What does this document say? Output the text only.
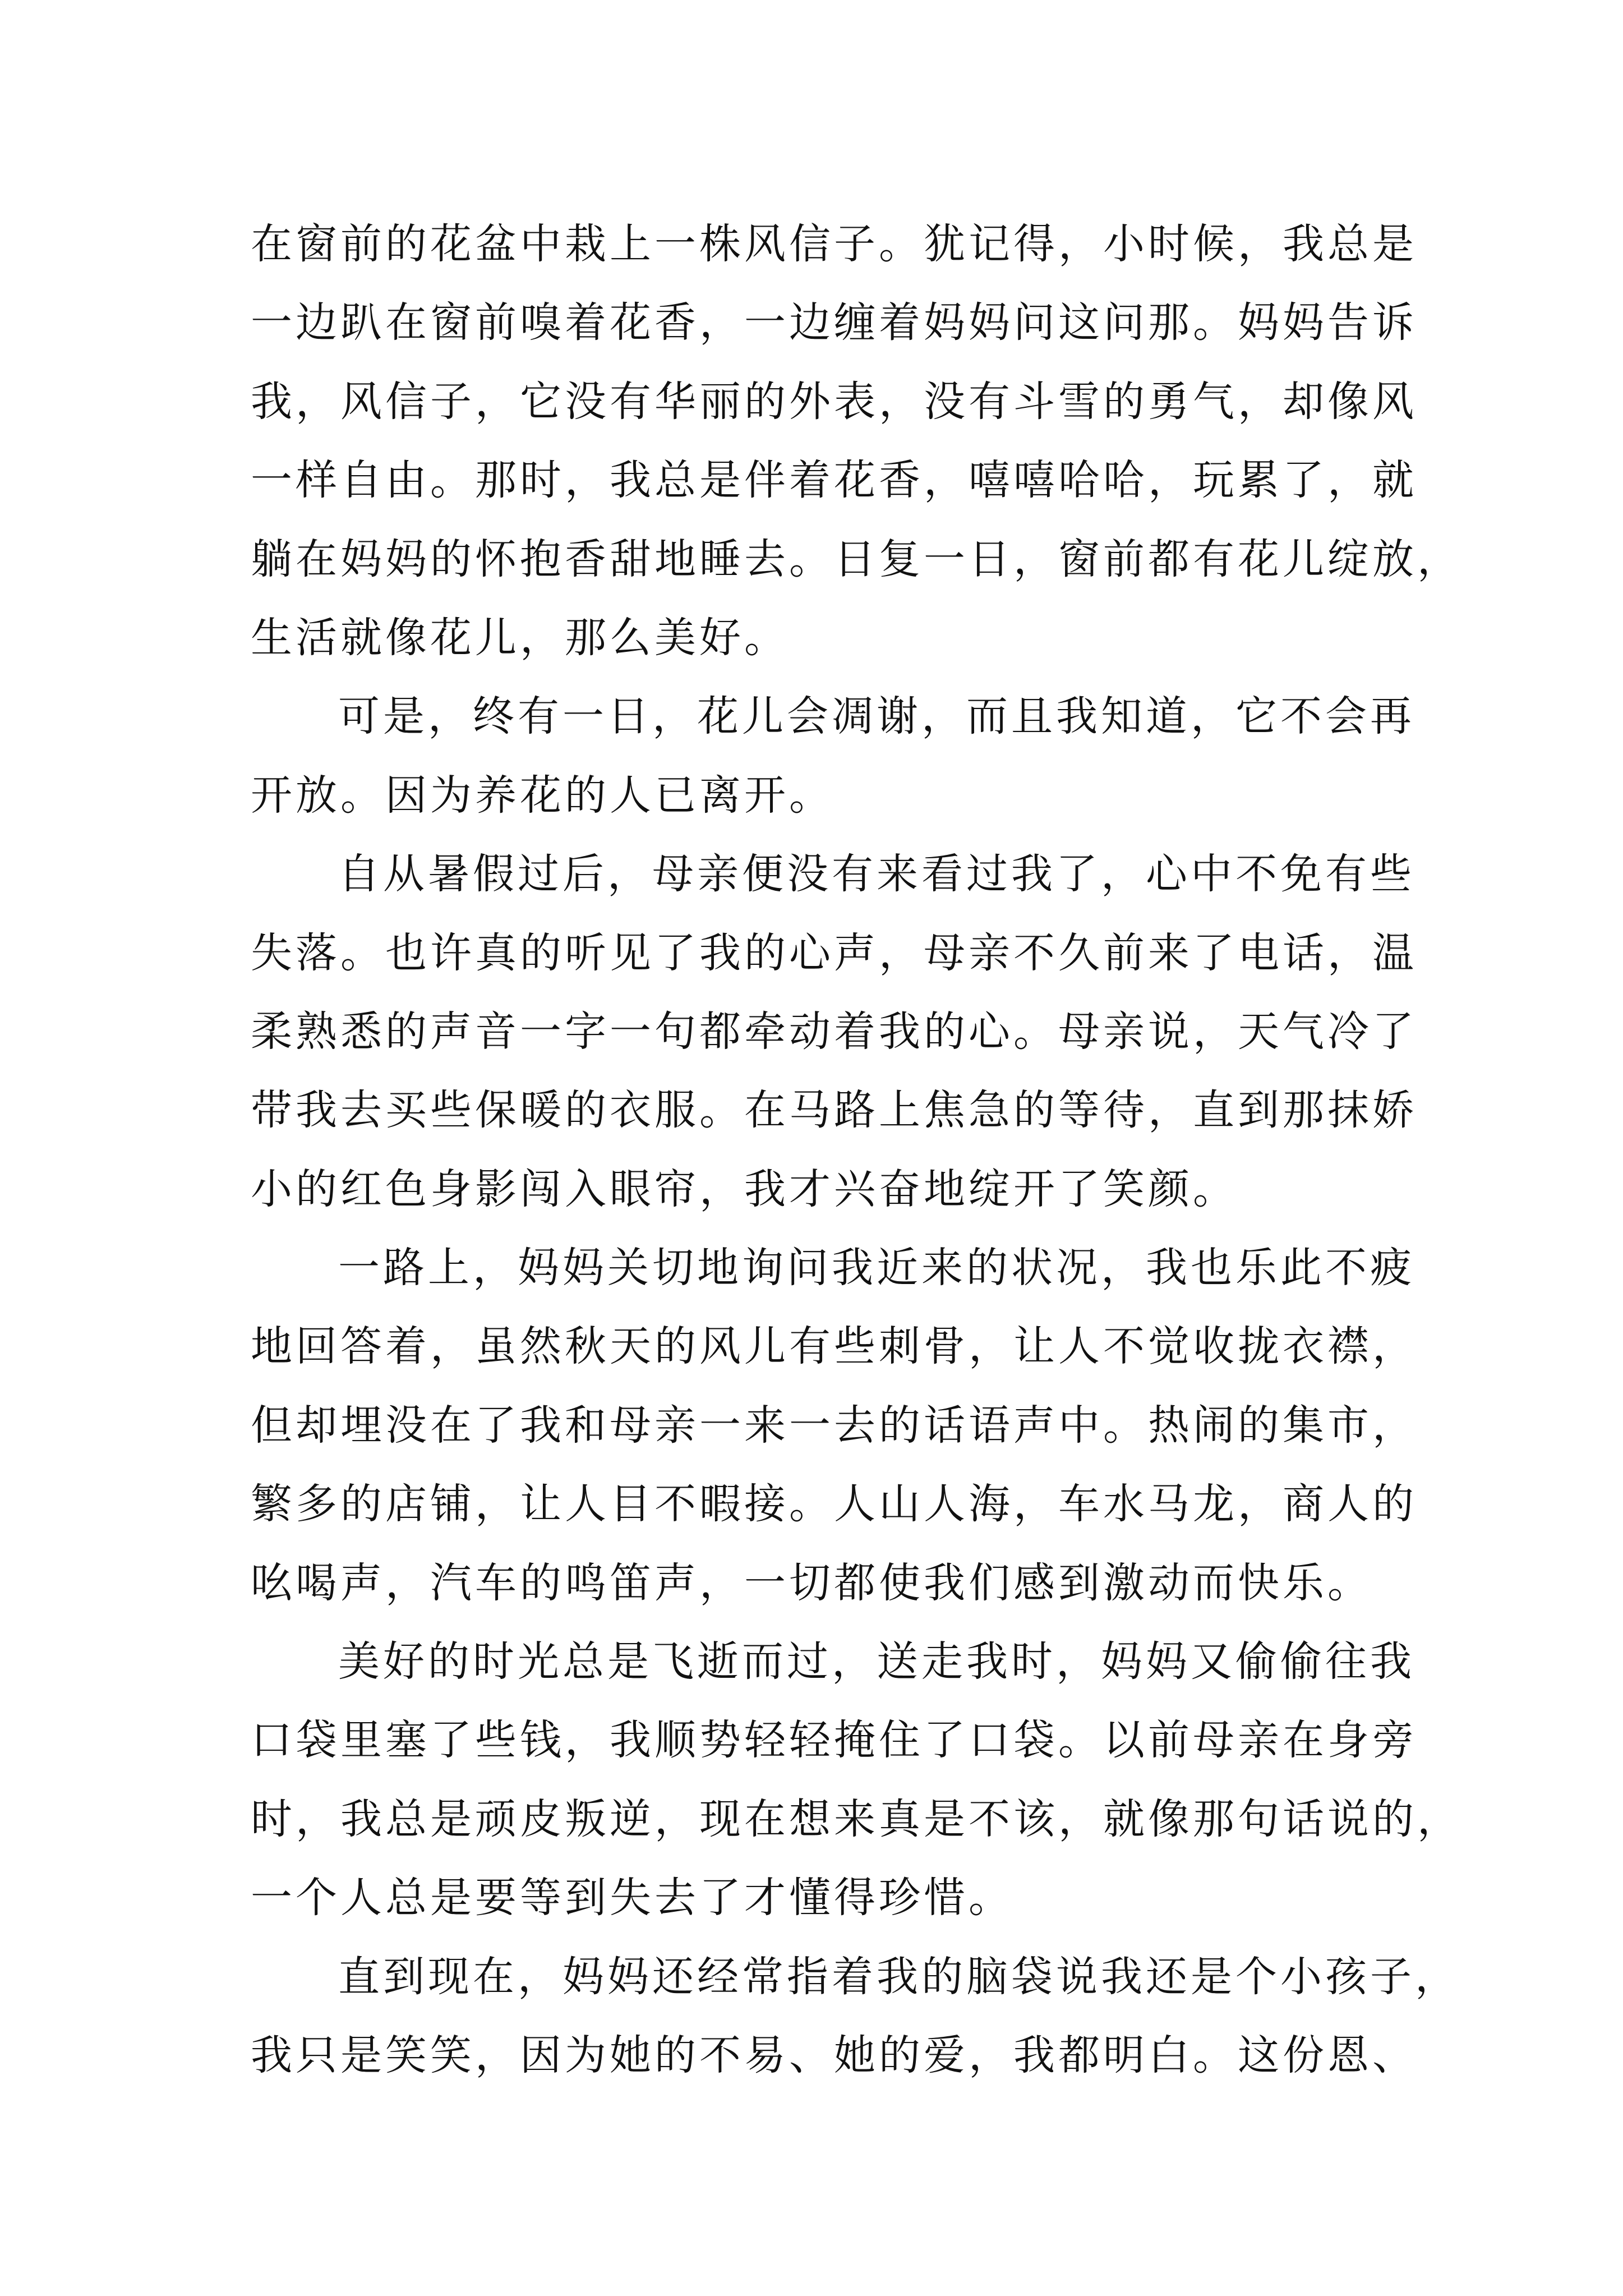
在窗前的花盆中栽上一株风信子。犹记得，小时候，我总是
一边趴在窗前嗅着花香，一边缠着妈妈问这问那。妈妈告诉
我，风信子，它没有华丽的外表，没有斗雪的勇气，却像风
一样自由。那时，我总是伴着花香，嘻嘻哈哈，玩累了，就
躺在妈妈的怀抱香甜地睡去。日复一日，窗前都有花儿绽放，
生活就像花儿，那么美好。
可是，终有一日，花儿会凋谢，而且我知道，它不会再
开放。因为养花的人已离开。
自从暑假过后，母亲便没有来看过我了，心中不免有些
失落。也许真的听见了我的心声，母亲不久前来了电话，温
柔熟悉的声音一字一句都牵动着我的心。母亲说，天气冷了
带我去买些保暖的衣服。在马路上焦急的等待，直到那抹娇
小的红色身影闯入眼帘，我才兴奋地绽开了笑颜。
一路上，妈妈关切地询问我近来的状况，我也乐此不疲
地回答着，虽然秋天的风儿有些刺骨，让人不觉收拢衣襟，
但却埋没在了我和母亲一来一去的话语声中。热闹的集市，
繁多的店铺，让人目不暇接。人山人海，车水马龙，商人的
吆喝声，汽车的鸣笛声，一切都使我们感到激动而快乐。
美好的时光总是飞逝而过，送走我时，妈妈又偷偷往我
口袋里塞了些钱，我顺势轻轻掩住了口袋。以前母亲在身旁
时，我总是顽皮叛逆，现在想来真是不该，就像那句话说的，
一个人总是要等到失去了才懂得珍惜。
直到现在，妈妈还经常指着我的脑袋说我还是个小孩子，
我只是笑笑，因为她的不易、她的爱，我都明白。这份恩、
